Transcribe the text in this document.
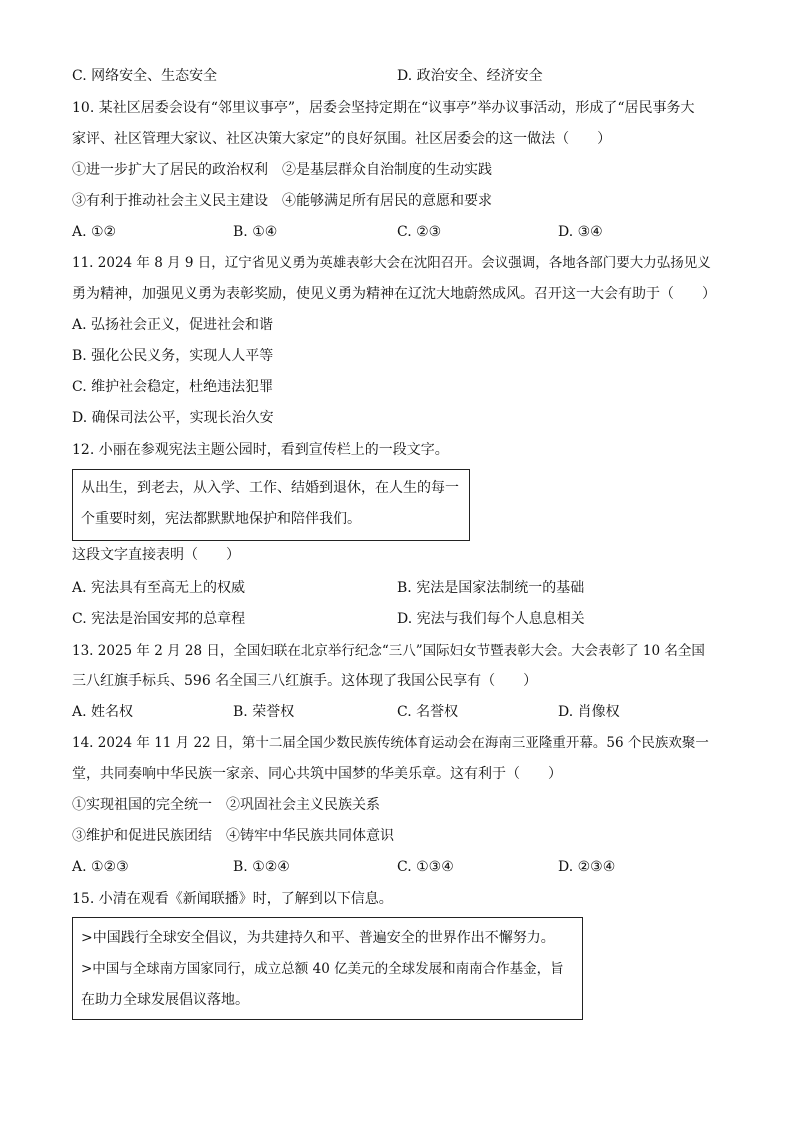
C. 网络安全、生态安全	D. 政治安全、经济安全
10. 某社区居委会设有“邻里议事亭”，居委会坚持定期在“议事亭”举办议事活动，形成了“居民事务大
家评、社区管理大家议、社区决策大家定”的良好氛围。社区居委会的这一做法（　　）
①进一步扩大了居民的政治权利　②是基层群众自治制度的生动实践
③有利于推动社会主义民主建设　④能够满足所有居民的意愿和要求
A. ①②	B. ①④	C. ②③	D. ③④
11. 2024 年 8 月 9 日，辽宁省见义勇为英雄表彰大会在沈阳召开。会议强调，各地各部门要大力弘扬见义
勇为精神，加强见义勇为表彰奖励，使见义勇为精神在辽沈大地蔚然成风。召开这一大会有助于（　　）
A. 弘扬社会正义，促进社会和谐
B. 强化公民义务，实现人人平等
C. 维护社会稳定，杜绝违法犯罪
D. 确保司法公平，实现长治久安
12. 小丽在参观宪法主题公园时，看到宣传栏上的一段文字。
从出生，到老去，从入学、工作、结婚到退休，在人生的每一
个重要时刻，宪法都默默地保护和陪伴我们。
这段文字直接表明（　　）
A. 宪法具有至高无上的权威	B. 宪法是国家法制统一的基础
C. 宪法是治国安邦的总章程	D. 宪法与我们每个人息息相关
13. 2025 年 2 月 28 日，全国妇联在北京举行纪念“三八”国际妇女节暨表彰大会。大会表彰了 10 名全国
三八红旗手标兵、596 名全国三八红旗手。这体现了我国公民享有（　　）
A. 姓名权	B. 荣誉权	C. 名誉权	D. 肖像权
14. 2024 年 11 月 22 日，第十二届全国少数民族传统体育运动会在海南三亚隆重开幕。56 个民族欢聚一
堂，共同奏响中华民族一家亲、同心共筑中国梦的华美乐章。这有利于（　　）
①实现祖国的完全统一　②巩固社会主义民族关系
③维护和促进民族团结　④铸牢中华民族共同体意识
A. ①②③	B. ①②④	C. ①③④	D. ②③④
15. 小清在观看《新闻联播》时，了解到以下信息。
>中国践行全球安全倡议，为共建持久和平、普遍安全的世界作出不懈努力。
>中国与全球南方国家同行，成立总额 40 亿美元的全球发展和南南合作基金，旨
在助力全球发展倡议落地。
